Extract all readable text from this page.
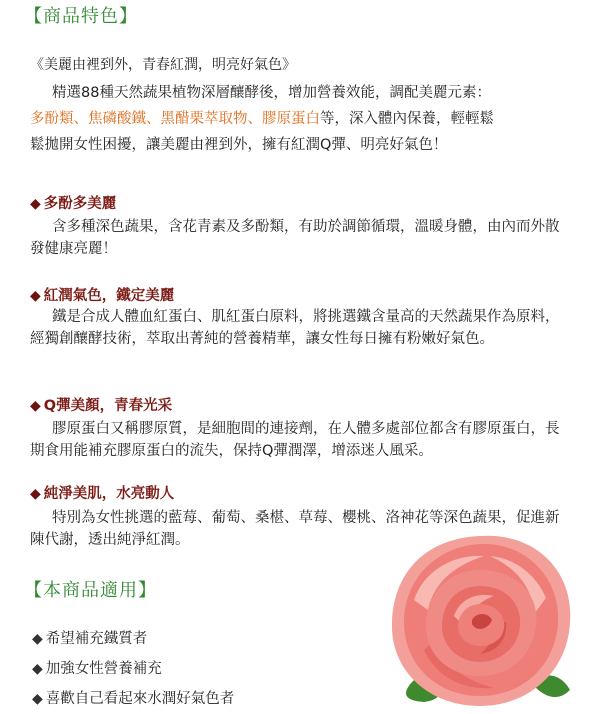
【商品特色】
《美麗由裡到外，青春紅潤，明亮好氣色》

精選88種天然蔬果植物深層釀酵後，增加營養效能，調配美麗元素：
多酚類、焦磷酸鐵、黑醋栗萃取物、膠原蛋白等，深入體內保養，輕輕鬆
鬆拋開女性困擾，讓美麗由裡到外，擁有紅潤Q彈、明亮好氣色！

◆ 多酚多美麗

含多種深色蔬果，含花青素及多酚類，有助於調節循環，溫暖身體，由內而外散發健康亮麗！

◆ 紅潤氣色，鐵定美麗

鐵是合成人體血紅蛋白、肌紅蛋白原料，將挑選鐵含量高的天然蔬果作為原料，經獨創釀酵技術，萃取出菁純的營養精華，讓女性每日擁有粉嫩好氣色。

◆ Q彈美顏，青春光采

膠原蛋白又稱膠原質，是細胞間的連接劑，在人體多處部位都含有膠原蛋白，長期食用能補充膠原蛋白的流失，保持Q彈潤澤，增添迷人風采。

◆ 純淨美肌，水亮動人

特別為女性挑選的藍莓、葡萄、桑椹、草莓、櫻桃、洛神花等深色蔬果，促進新陳代謝，透出純淨紅潤。

【本商品適用】
◆ 希望補充鐵質者
◆ 加強女性營養補充
◆ 喜歡自己看起來水潤好氣色者
